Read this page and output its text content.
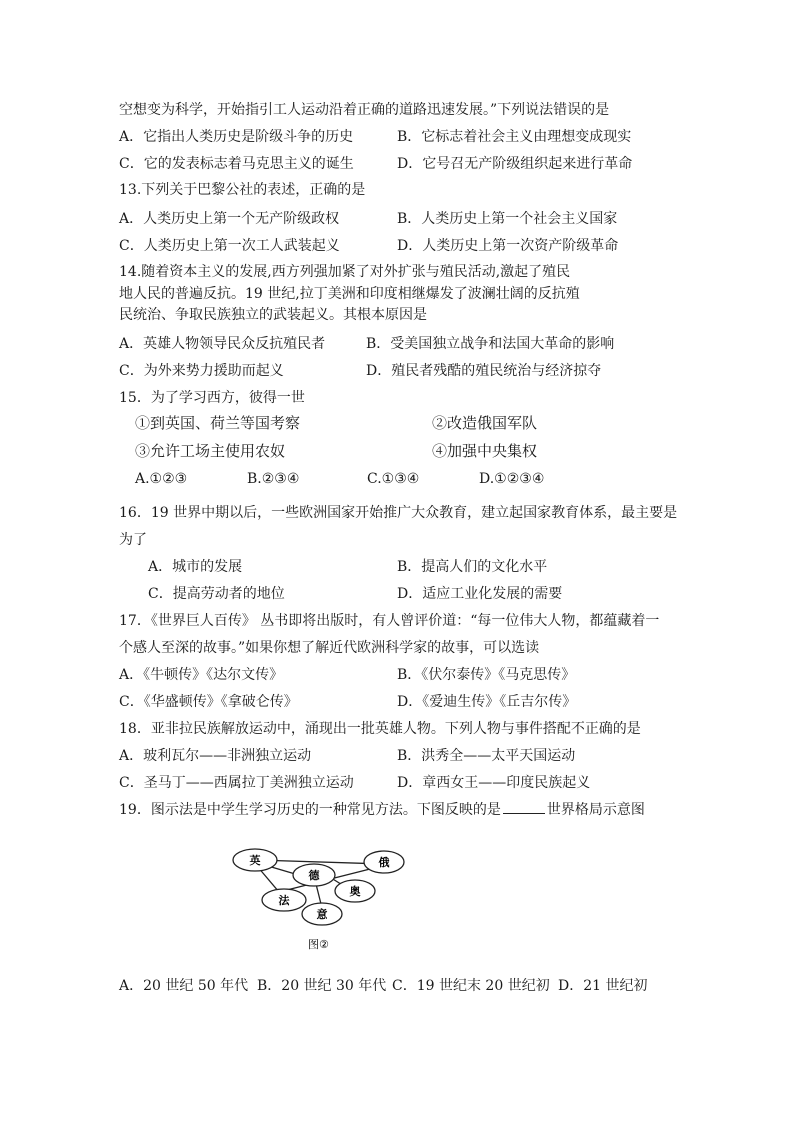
空想变为科学，开始指引工人运动沿着正确的道路迅速发展。”下列说法错误的是
A．它指出人类历史是阶级斗争的历史	B．它标志着社会主义由理想变成现实
C．它的发表标志着马克思主义的诞生	D．它号召无产阶级组织起来进行革命
13.下列关于巴黎公社的表述，正确的是
A．人类历史上第一个无产阶级政权	B．人类历史上第一个社会主义国家
C．人类历史上第一次工人武装起义	D．人类历史上第一次资产阶级革命
14.随着资本主义的发展,西方列强加紧了对外扩张与殖民活动,激起了殖民
地人民的普遍反抗。19 世纪,拉丁美洲和印度相继爆发了波澜壮阔的反抗殖
民统治、争取民族独立的武装起义。其根本原因是
A．英雄人物领导民众反抗殖民者	B．受美国独立战争和法国大革命的影响
C．为外来势力援助而起义	D．殖民者残酷的殖民统治与经济掠夺
15．为了学习西方，彼得一世
①到英国、荷兰等国考察	②改造俄国军队
③允许工场主使用农奴	④加强中央集权
A.①②③	B.②③④	C.①③④	D.①②③④
16．19 世界中期以后，一些欧洲国家开始推广大众教育，建立起国家教育体系，最主要是
为了
A．城市的发展	B．提高人们的文化水平
C．提高劳动者的地位	D．适应工业化发展的需要
17．《世界巨人百传》 丛书即将出版时，有人曾评价道：“每一位伟大人物，都蕴藏着一
个感人至深的故事。”如果你想了解近代欧洲科学家的故事，可以选读
A．《牛顿传》《达尔文传》	B．《伏尔泰传》《马克思传》
C．《华盛顿传》《拿破仑传》	D．《爱迪生传》《丘吉尔传》
18．亚非拉民族解放运动中，涌现出一批英雄人物。下列人物与事件搭配不正确的是
A．玻利瓦尔——非洲独立运动	B．洪秀全——太平天国运动
C．圣马丁——西属拉丁美洲独立运动	D．章西女王——印度民族起义
19．图示法是中学生学习历史的一种常见方法。下图反映的是	世界格局示意图
英
德
俄
法
奥
意
图②
A．20 世纪 50 年代 B．20 世纪 30 年代 C．19 世纪末 20 世纪初 D．21 世纪初
